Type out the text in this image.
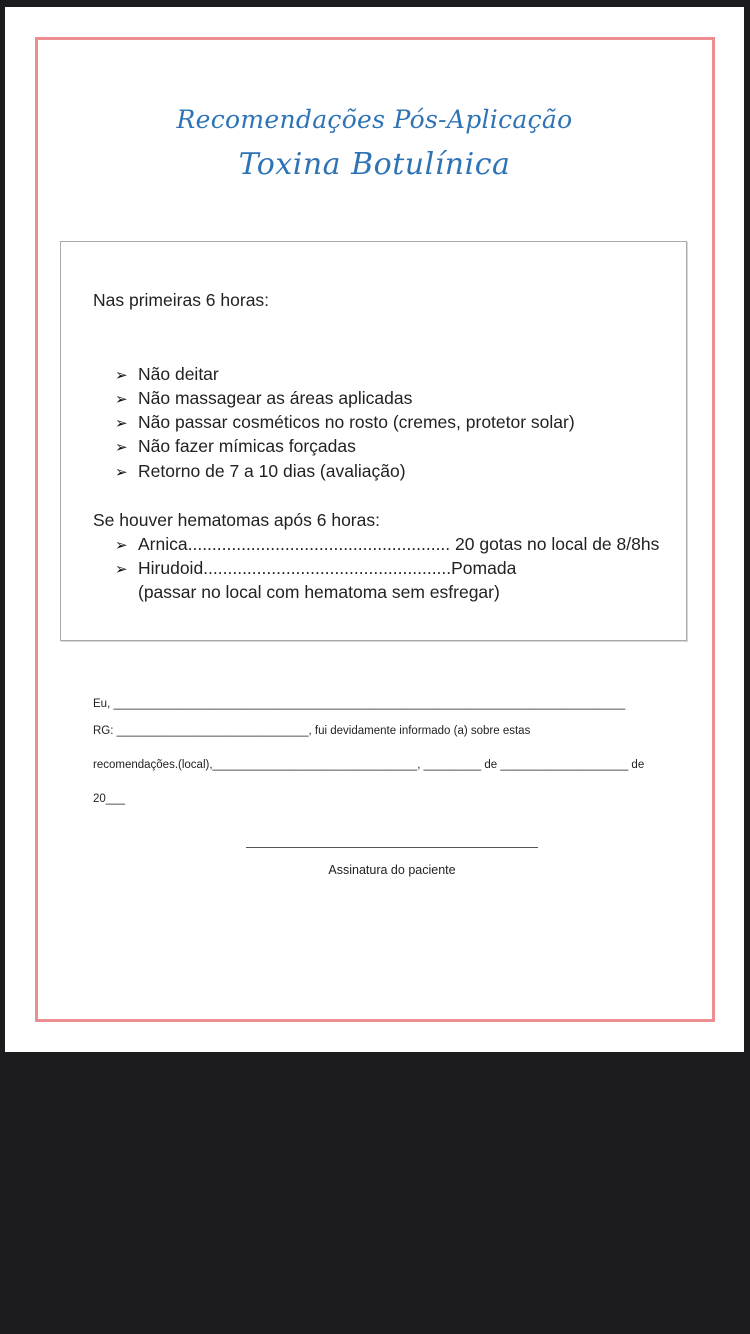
Recomendações Pós-Aplicação
Toxina Botulínica
Nas primeiras 6 horas:
➢ Não deitar
➢ Não massagear as áreas aplicadas
➢ Não passar cosméticos no rosto (cremes, protetor solar)
➢ Não fazer mímicas forçadas
➢ Retorno de 7 a 10 dias (avaliação)
Se houver hematomas após 6 horas:
➢ Arnica...................................................... 20 gotas no local de 8/8hs
➢ Hirudoid...................................................Pomada
(passar no local com hematoma sem esfregar)
Eu, ________________________________________________________________________________
RG: ______________________________, fui devidamente informado (a) sobre estas
recomendações.(local),________________________________, _________ de ____________________ de
20___
Assinatura do paciente
